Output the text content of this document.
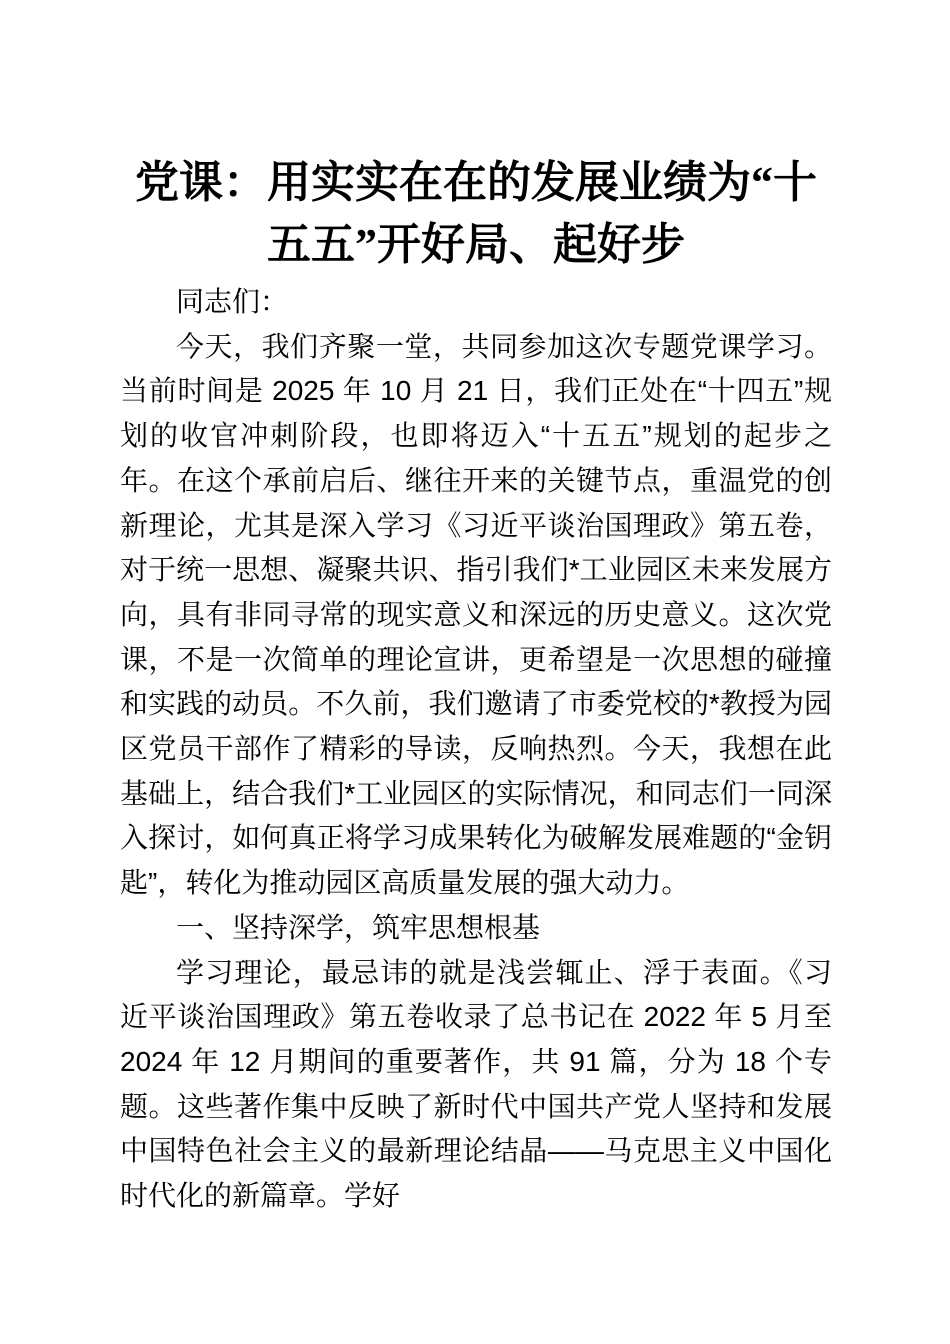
党课：用实实在在的发展业绩为“十五五”开好局、起好步

同志们：

今天，我们齐聚一堂，共同参加这次专题党课学习。当前时间是 2025 年 10 月 21 日，我们正处在“十四五”规划的收官冲刺阶段，也即将迈入“十五五”规划的起步之年。在这个承前启后、继往开来的关键节点，重温党的创新理论，尤其是深入学习《习近平谈治国理政》第五卷，对于统一思想、凝聚共识、指引我们*工业园区未来发展方向，具有非同寻常的现实意义和深远的历史意义。这次党课，不是一次简单的理论宣讲，更希望是一次思想的碰撞和实践的动员。不久前，我们邀请了市委党校的*教授为园区党员干部作了精彩的导读，反响热烈。今天，我想在此基础上，结合我们*工业园区的实际情况，和同志们一同深入探讨，如何真正将学习成果转化为破解发展难题的“金钥匙”，转化为推动园区高质量发展的强大动力。

一、坚持深学，筑牢思想根基

学习理论，最忌讳的就是浅尝辄止、浮于表面。《习近平谈治国理政》第五卷收录了总书记在 2022 年 5 月至 2024 年 12 月期间的重要著作，共 91 篇，分为 18 个专题。这些著作集中反映了新时代中国共产党人坚持和发展中国特色社会主义的最新理论结晶——马克思主义中国化时代化的新篇章。学好
